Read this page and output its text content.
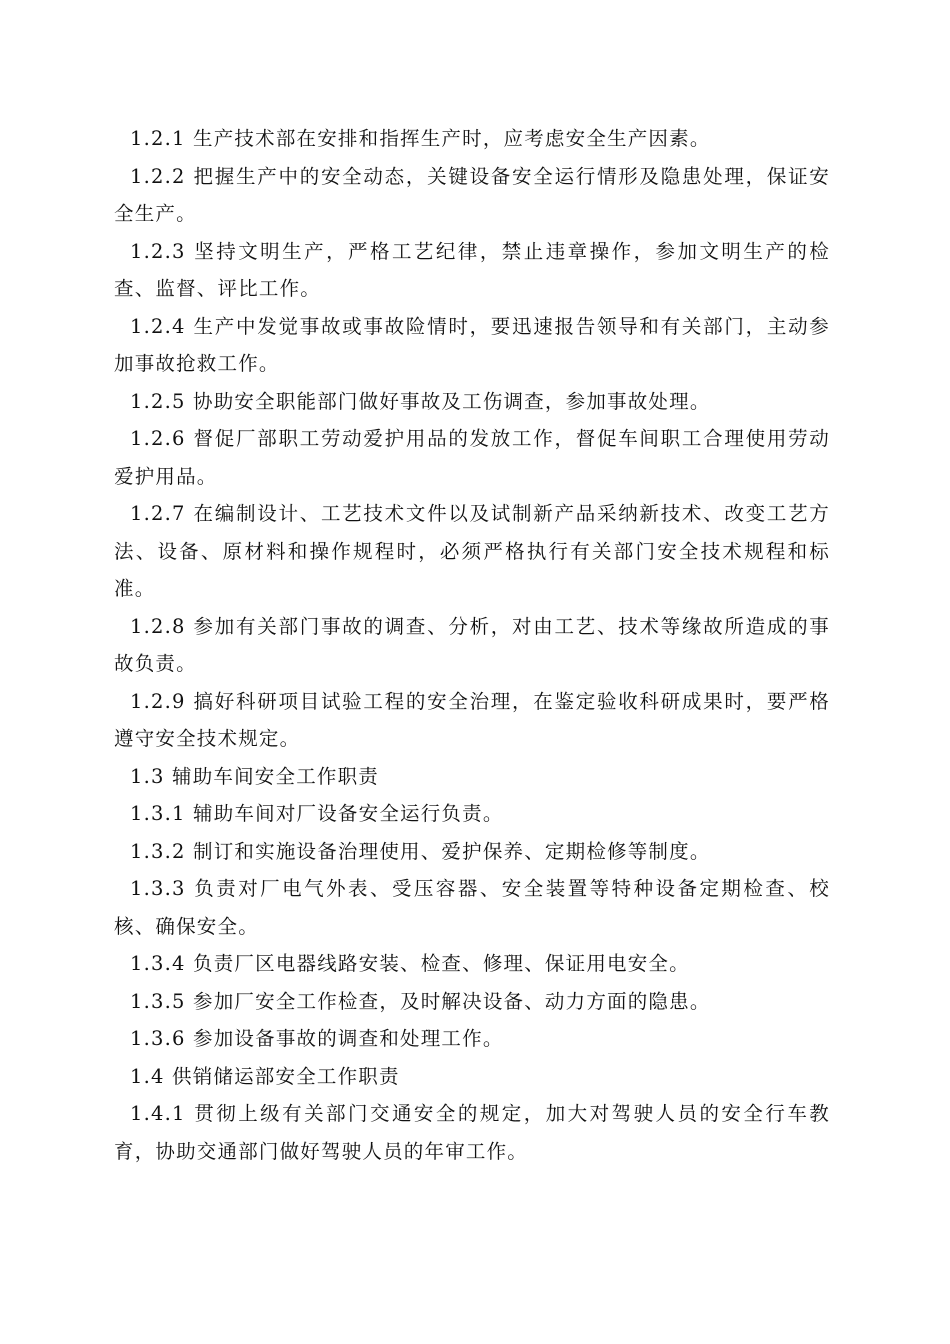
1.2.1 生产技术部在安排和指挥生产时，应考虑安全生产因素。

1.2.2 把握生产中的安全动态，关键设备安全运行情形及隐患处理，保证安全生产。

1.2.3 坚持文明生产，严格工艺纪律，禁止违章操作，参加文明生产的检查、监督、评比工作。

1.2.4 生产中发觉事故或事故险情时，要迅速报告领导和有关部门，主动参加事故抢救工作。

1.2.5 协助安全职能部门做好事故及工伤调查，参加事故处理。

1.2.6 督促厂部职工劳动爱护用品的发放工作，督促车间职工合理使用劳动爱护用品。

1.2.7 在编制设计、工艺技术文件以及试制新产品采纳新技术、改变工艺方法、设备、原材料和操作规程时，必须严格执行有关部门安全技术规程和标准。

1.2.8 参加有关部门事故的调查、分析，对由工艺、技术等缘故所造成的事故负责。

1.2.9 搞好科研项目试验工程的安全治理，在鉴定验收科研成果时，要严格遵守安全技术规定。

1.3 辅助车间安全工作职责

1.3.1 辅助车间对厂设备安全运行负责。

1.3.2 制订和实施设备治理使用、爱护保养、定期检修等制度。

1.3.3 负责对厂电气外表、受压容器、安全装置等特种设备定期检查、校核、确保安全。

1.3.4 负责厂区电器线路安装、检查、修理、保证用电安全。

1.3.5 参加厂安全工作检查，及时解决设备、动力方面的隐患。

1.3.6 参加设备事故的调查和处理工作。

1.4 供销储运部安全工作职责

1.4.1 贯彻上级有关部门交通安全的规定，加大对驾驶人员的安全行车教育，协助交通部门做好驾驶人员的年审工作。
